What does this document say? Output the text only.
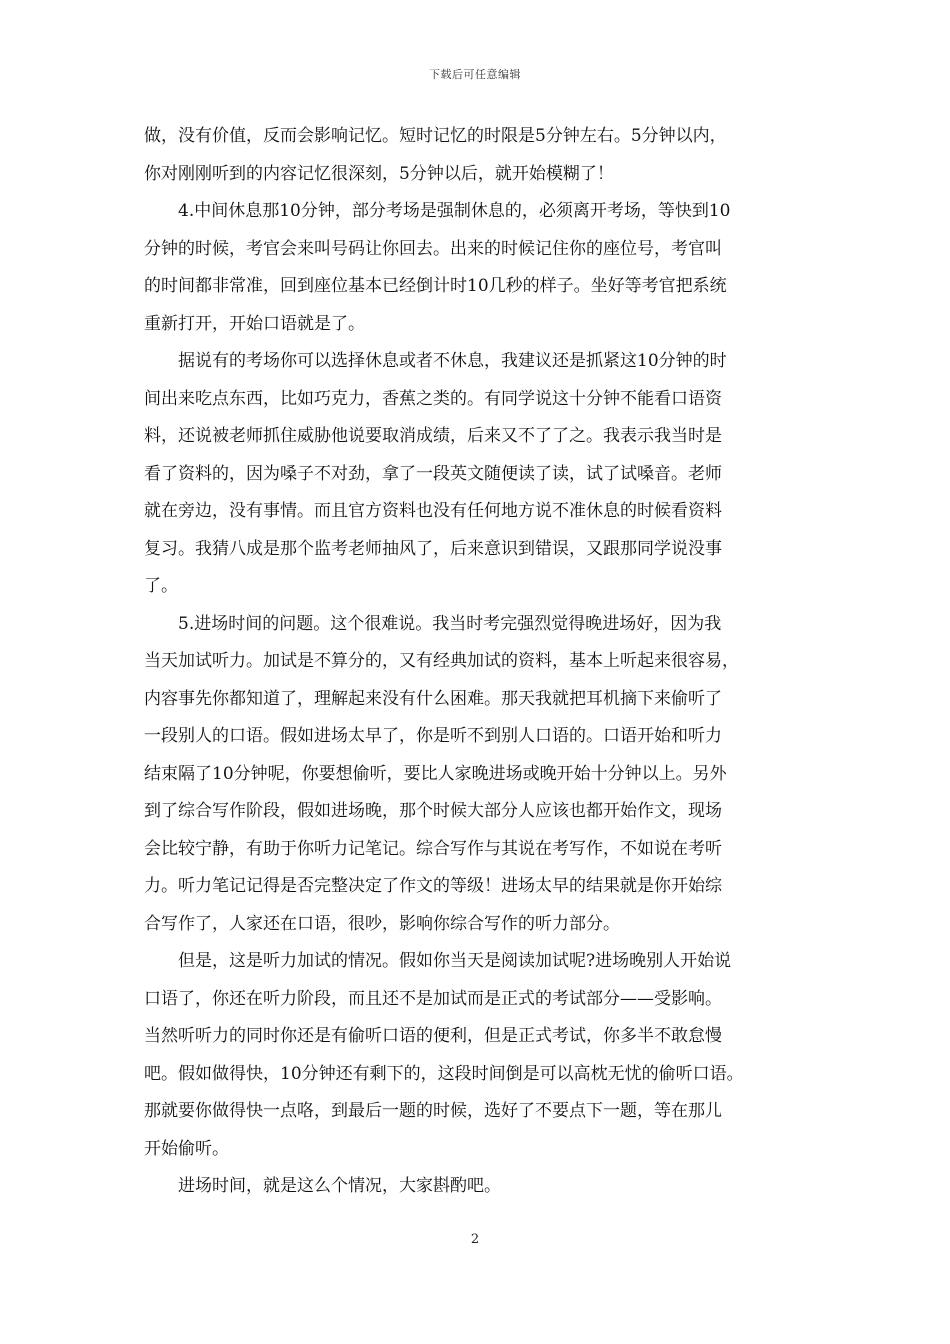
下载后可任意编辑

做，没有价值，反而会影响记忆。短时记忆的时限是5分钟左右。5分钟以内，
你对刚刚听到的内容记忆很深刻，5分钟以后，就开始模糊了！

4.中间休息那10分钟，部分考场是强制休息的，必须离开考场，等快到10
分钟的时候，考官会来叫号码让你回去。出来的时候记住你的座位号，考官叫
的时间都非常准，回到座位基本已经倒计时10几秒的样子。坐好等考官把系统
重新打开，开始口语就是了。

据说有的考场你可以选择休息或者不休息，我建议还是抓紧这10分钟的时
间出来吃点东西，比如巧克力，香蕉之类的。有同学说这十分钟不能看口语资
料，还说被老师抓住威胁他说要取消成绩，后来又不了了之。我表示我当时是
看了资料的，因为嗓子不对劲，拿了一段英文随便读了读，试了试嗓音。老师
就在旁边，没有事情。而且官方资料也没有任何地方说不准休息的时候看资料
复习。我猜八成是那个监考老师抽风了，后来意识到错误，又跟那同学说没事
了。

5.进场时间的问题。这个很难说。我当时考完强烈觉得晚进场好，因为我
当天加试听力。加试是不算分的，又有经典加试的资料，基本上听起来很容易，
内容事先你都知道了，理解起来没有什么困难。那天我就把耳机摘下来偷听了
一段别人的口语。假如进场太早了，你是听不到别人口语的。口语开始和听力
结束隔了10分钟呢，你要想偷听，要比人家晚进场或晚开始十分钟以上。另外
到了综合写作阶段，假如进场晚，那个时候大部分人应该也都开始作文，现场
会比较宁静，有助于你听力记笔记。综合写作与其说在考写作，不如说在考听
力。听力笔记记得是否完整决定了作文的等级！进场太早的结果就是你开始综
合写作了，人家还在口语，很吵，影响你综合写作的听力部分。

但是，这是听力加试的情况。假如你当天是阅读加试呢?进场晚别人开始说
口语了，你还在听力阶段，而且还不是加试而是正式的考试部分——受影响。
当然听听力的同时你还是有偷听口语的便利，但是正式考试，你多半不敢怠慢
吧。假如做得快，10分钟还有剩下的，这段时间倒是可以高枕无忧的偷听口语。
那就要你做得快一点咯，到最后一题的时候，选好了不要点下一题，等在那儿
开始偷听。

进场时间，就是这么个情况，大家斟酌吧。

2
